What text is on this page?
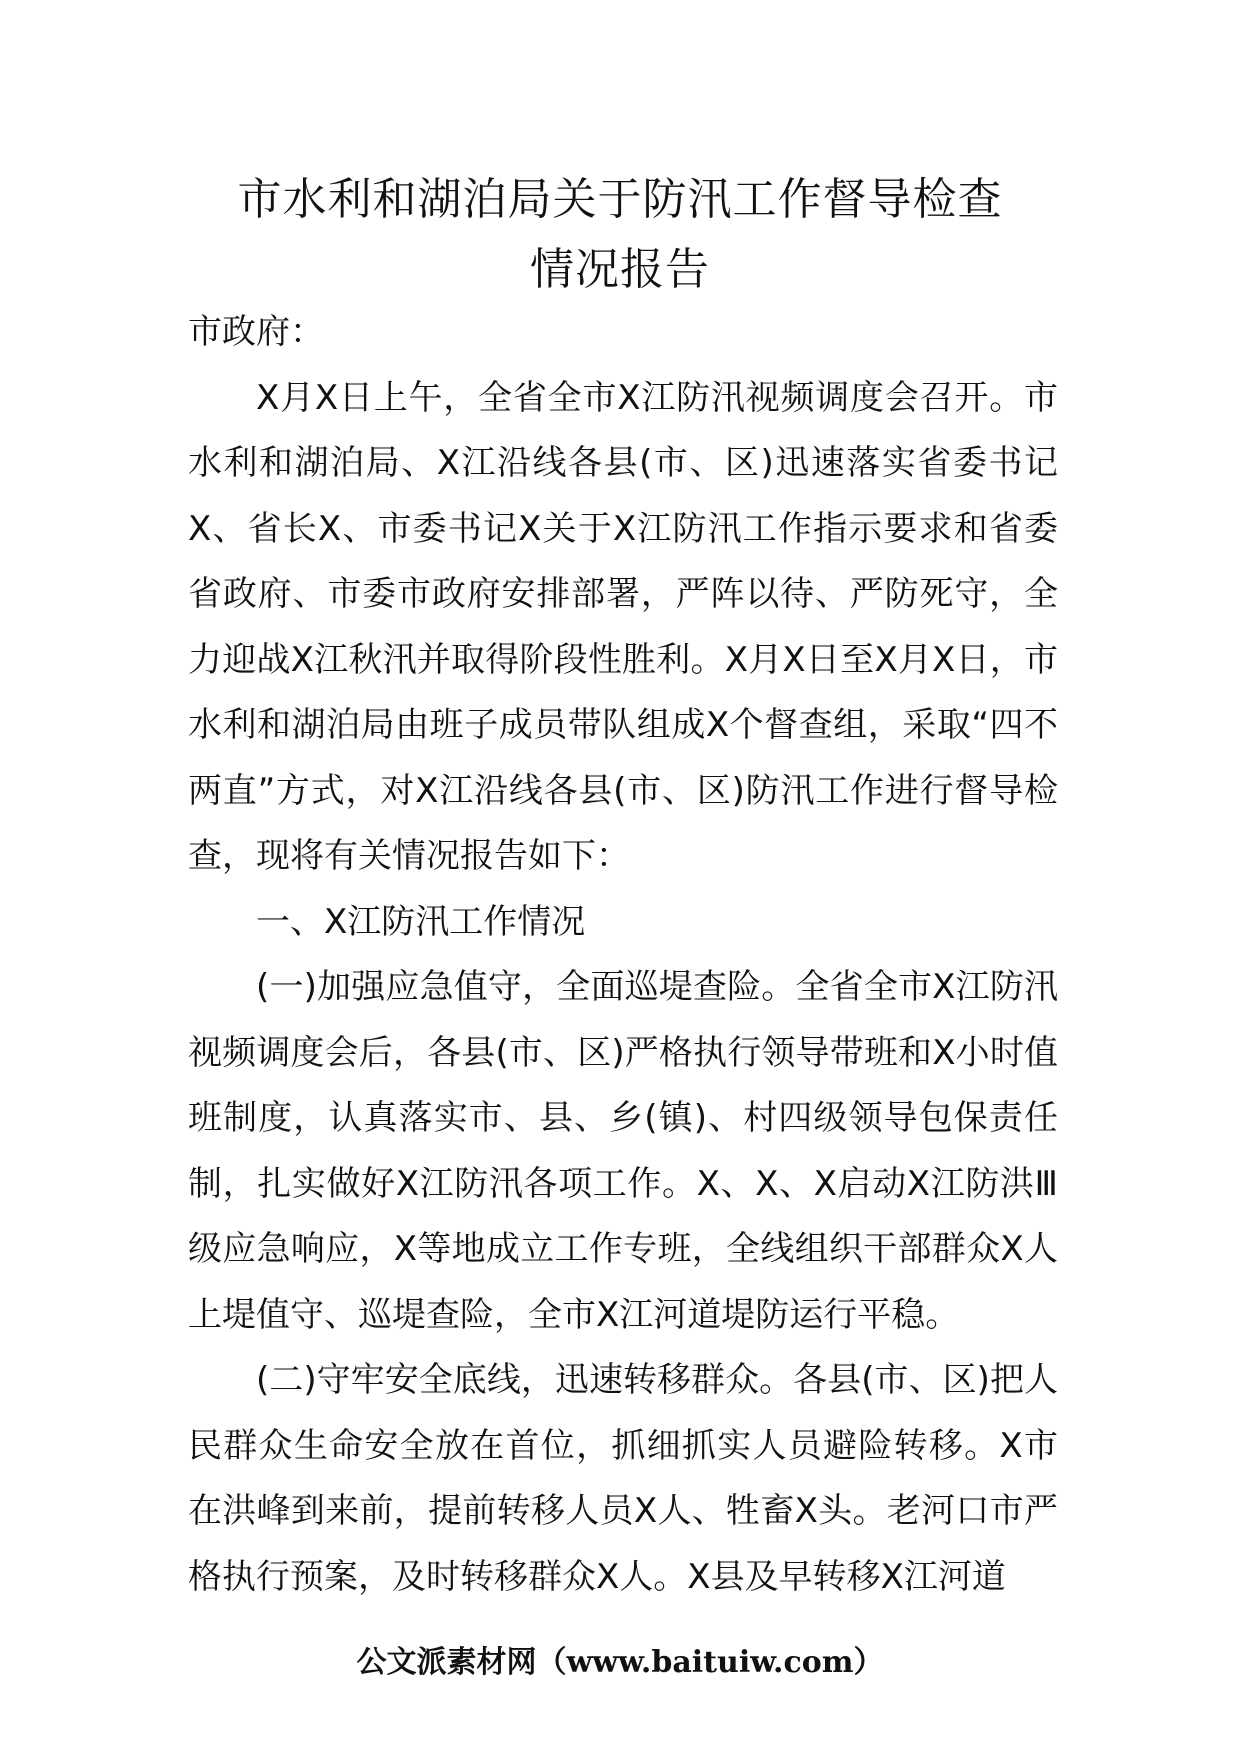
市水利和湖泊局关于防汛工作督导检查
情况报告

市政府：

X月X日上午，全省全市X江防汛视频调度会召开。市水利和湖泊局、X江沿线各县(市、区)迅速落实省委书记X、省长X、市委书记X关于X江防汛工作指示要求和省委省政府、市委市政府安排部署，严阵以待、严防死守，全力迎战X江秋汛并取得阶段性胜利。X月X日至X月X日，市水利和湖泊局由班子成员带队组成X个督查组，采取“四不两直”方式，对X江沿线各县(市、区)防汛工作进行督导检查，现将有关情况报告如下：

一、X江防汛工作情况

(一)加强应急值守，全面巡堤查险。全省全市X江防汛视频调度会后，各县(市、区)严格执行领导带班和X小时值班制度，认真落实市、县、乡(镇)、村四级领导包保责任制，扎实做好X江防汛各项工作。X、X、X启动X江防洪Ⅲ级应急响应，X等地成立工作专班，全线组织干部群众X人上堤值守、巡堤查险，全市X江河道堤防运行平稳。

(二)守牢安全底线，迅速转移群众。各县(市、区)把人民群众生命安全放在首位，抓细抓实人员避险转移。X市在洪峰到来前，提前转移人员X人、牲畜X头。老河口市严格执行预案，及时转移群众X人。X县及早转移X江河道

公文派素材网（www.baituiw.com）
